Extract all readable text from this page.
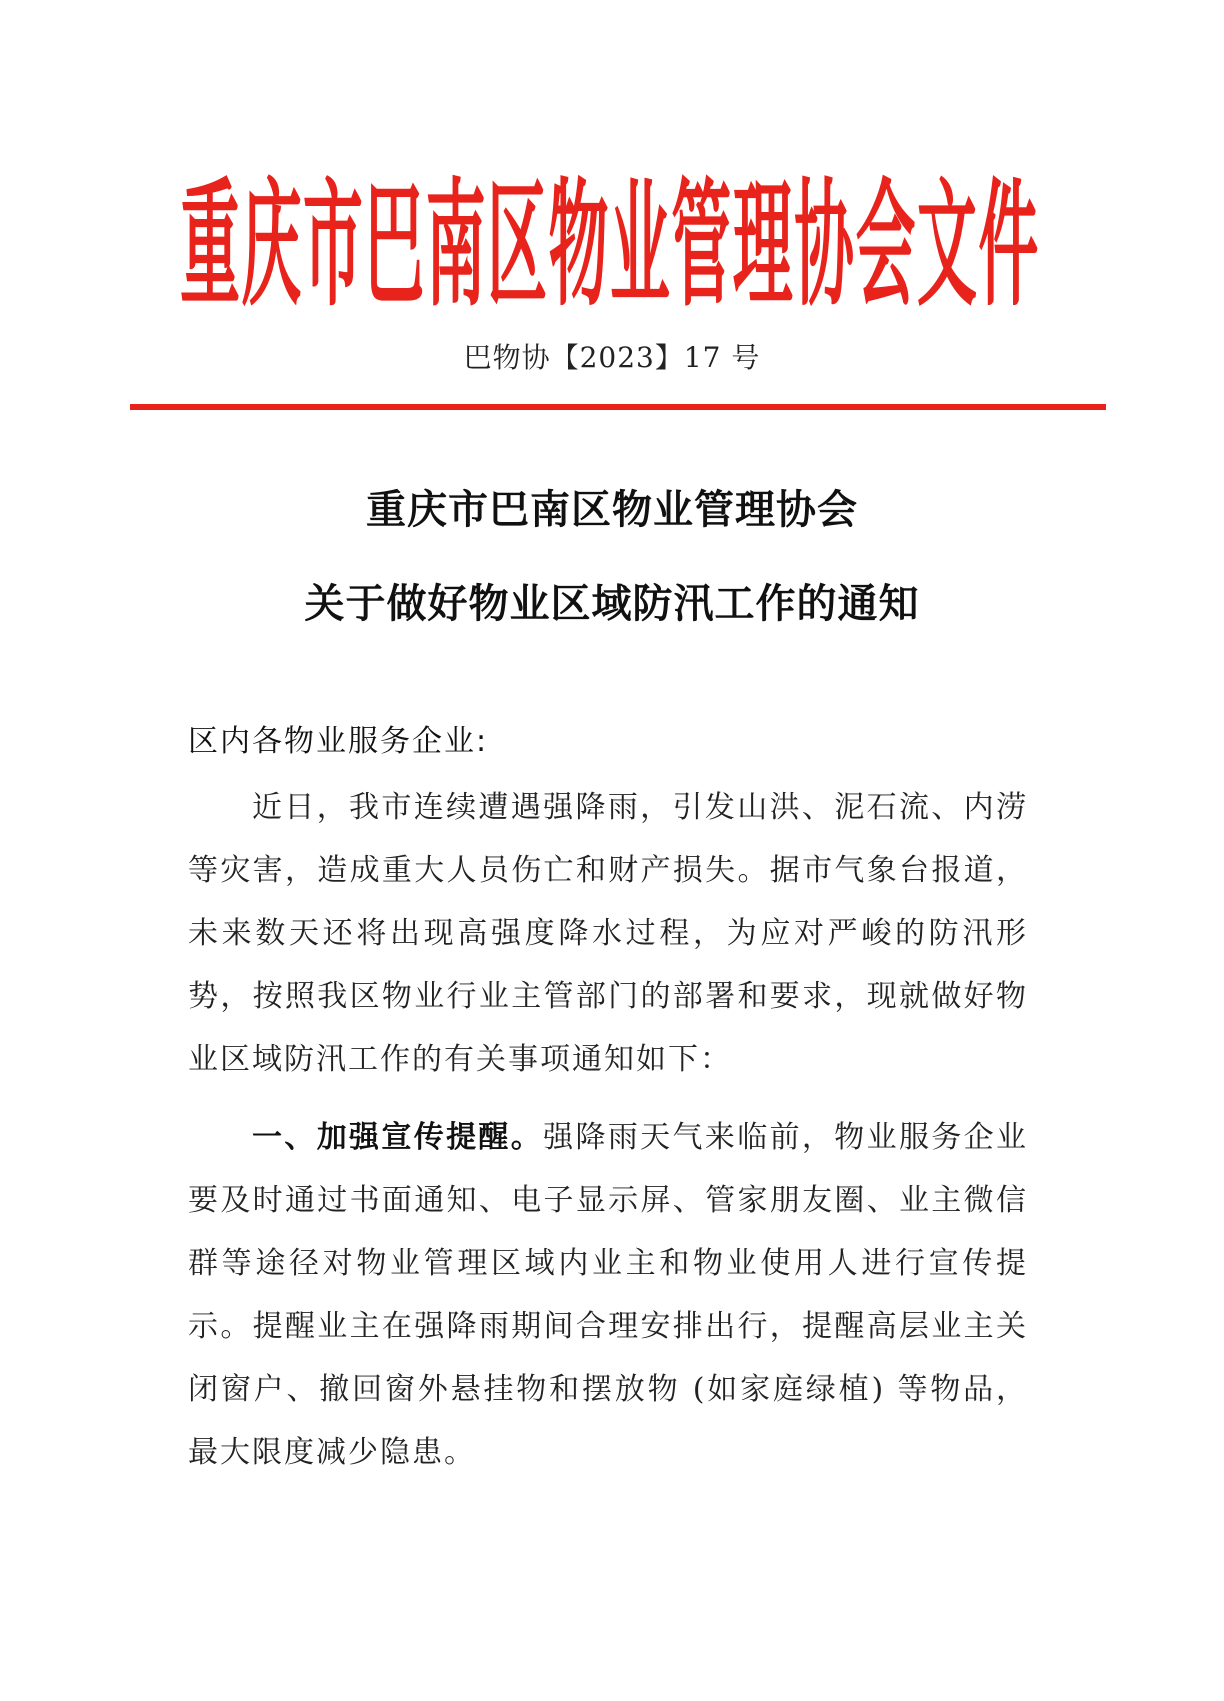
重庆市巴南区物业管理协会文件
巴物协【2023】17 号
重庆市巴南区物业管理协会
关于做好物业区域防汛工作的通知
区内各物业服务企业:

近日，我市连续遭遇强降雨，引发山洪、泥石流、内涝等灾害，造成重大人员伤亡和财产损失。据市气象台报道，未来数天还将出现高强度降水过程，为应对严峻的防汛形势，按照我区物业行业主管部门的部署和要求，现就做好物业区域防汛工作的有关事项通知如下：

一、加强宣传提醒。强降雨天气来临前，物业服务企业要及时通过书面通知、电子显示屏、管家朋友圈、业主微信群等途径对物业管理区域内业主和物业使用人进行宣传提示。提醒业主在强降雨期间合理安排出行，提醒高层业主关闭窗户、撤回窗外悬挂物和摆放物 (如家庭绿植) 等物品，最大限度减少隐患。
